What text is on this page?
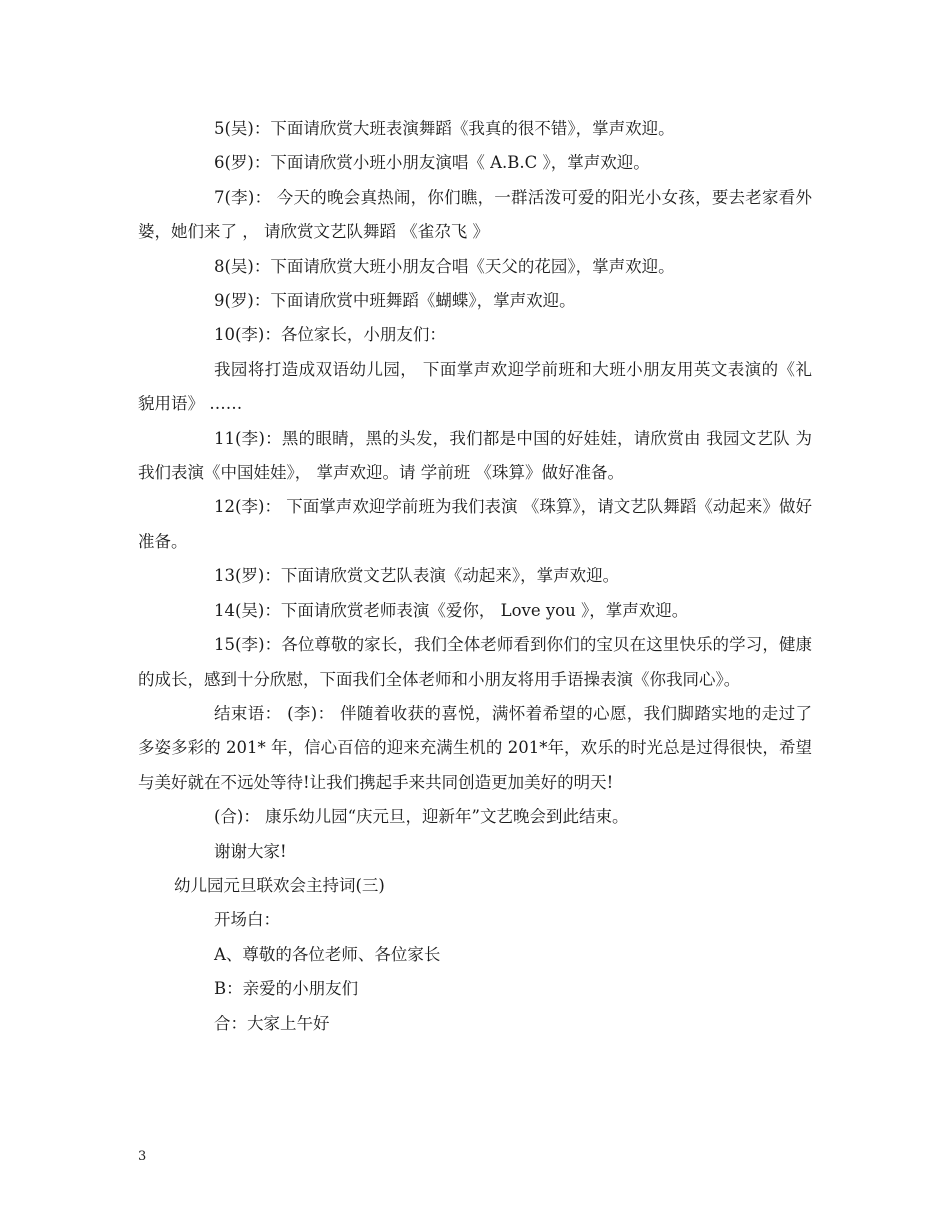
5(吴)：下面请欣赏大班表演舞蹈《我真的很不错》，掌声欢迎。

6(罗)：下面请欣赏小班小朋友演唱《 A.B.C 》，掌声欢迎。

7(李)： 今天的晚会真热闹，你们瞧，一群活泼可爱的阳光小女孩，要去老家看外婆，她们来了 ， 请欣赏文艺队舞蹈 《雀尕飞 》

8(吴)：下面请欣赏大班小朋友合唱《天父的花园》，掌声欢迎。

9(罗)：下面请欣赏中班舞蹈《蝴蝶》，掌声欢迎。

10(李)：各位家长，小朋友们：

我园将打造成双语幼儿园， 下面掌声欢迎学前班和大班小朋友用英文表演的《礼貌用语》 ……

11(李)：黑的眼睛，黑的头发，我们都是中国的好娃娃，请欣赏由 我园文艺队 为我们表演《中国娃娃》， 掌声欢迎。请 学前班 《珠算》做好准备。

12(李)： 下面掌声欢迎学前班为我们表演 《珠算》，请文艺队舞蹈《动起来》做好准备。

13(罗)：下面请欣赏文艺队表演《动起来》，掌声欢迎。

14(吴)：下面请欣赏老师表演《爱你， Love you 》，掌声欢迎。

15(李)：各位尊敬的家长，我们全体老师看到你们的宝贝在这里快乐的学习，健康的成长，感到十分欣慰，下面我们全体老师和小朋友将用手语操表演《你我同心》。

结束语： (李)： 伴随着收获的喜悦，满怀着希望的心愿，我们脚踏实地的走过了多姿多彩的 201* 年，信心百倍的迎来充满生机的 201*年，欢乐的时光总是过得很快，希望与美好就在不远处等待!让我们携起手来共同创造更加美好的明天!

(合)： 康乐幼儿园“庆元旦，迎新年”文艺晚会到此结束。

谢谢大家!

幼儿园元旦联欢会主持词(三)

开场白：

A、尊敬的各位老师、各位家长

B：亲爱的小朋友们

合：大家上午好

3
